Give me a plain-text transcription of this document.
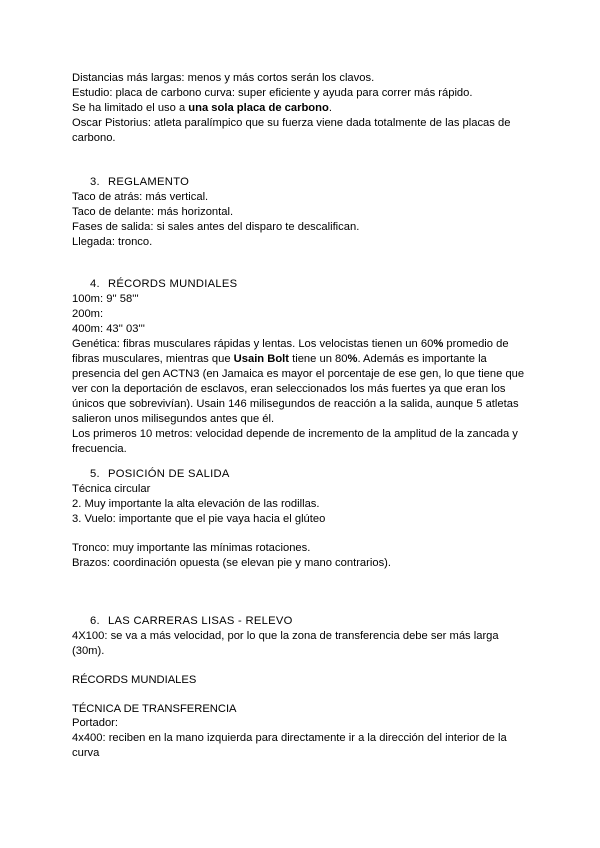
Distancias más largas: menos y más cortos serán los clavos.
Estudio: placa de carbono curva: super eficiente y ayuda para correr más rápido.
Se ha limitado el uso a una sola placa de carbono.
Oscar Pistorius: atleta paralímpico que su fuerza viene dada totalmente de las placas de
carbono.
3. REGLAMENTO
Taco de atrás: más vertical.
Taco de delante: más horizontal.
Fases de salida: si sales antes del disparo te descalifican.
Llegada: tronco.
4. RÉCORDS MUNDIALES
100m: 9'' 58'''
200m:
400m: 43'' 03'''
Genética: fibras musculares rápidas y lentas. Los velocistas tienen un 60% promedio de
fibras musculares, mientras que Usain Bolt tiene un 80%. Además es importante la
presencia del gen ACTN3 (en Jamaica es mayor el porcentaje de ese gen, lo que tiene que
ver con la deportación de esclavos, eran seleccionados los más fuertes ya que eran los
únicos que sobrevivían). Usain 146 milisegundos de reacción a la salida, aunque 5 atletas
salieron unos milisegundos antes que él.
Los primeros 10 metros: velocidad depende de incremento de la amplitud de la zancada y
frecuencia.
5. POSICIÓN DE SALIDA
Técnica circular
2. Muy importante la alta elevación de las rodillas.
3. Vuelo: importante que el pie vaya hacia el glúteo
Tronco: muy importante las mínimas rotaciones.
Brazos: coordinación opuesta (se elevan pie y mano contrarios).
6. LAS CARRERAS LISAS - RELEVO
4X100: se va a más velocidad, por lo que la zona de transferencia debe ser más larga
(30m).
RÉCORDS MUNDIALES
TÉCNICA DE TRANSFERENCIA
Portador:
4x400: reciben en la mano izquierda para directamente ir a la dirección del interior de la
curva
